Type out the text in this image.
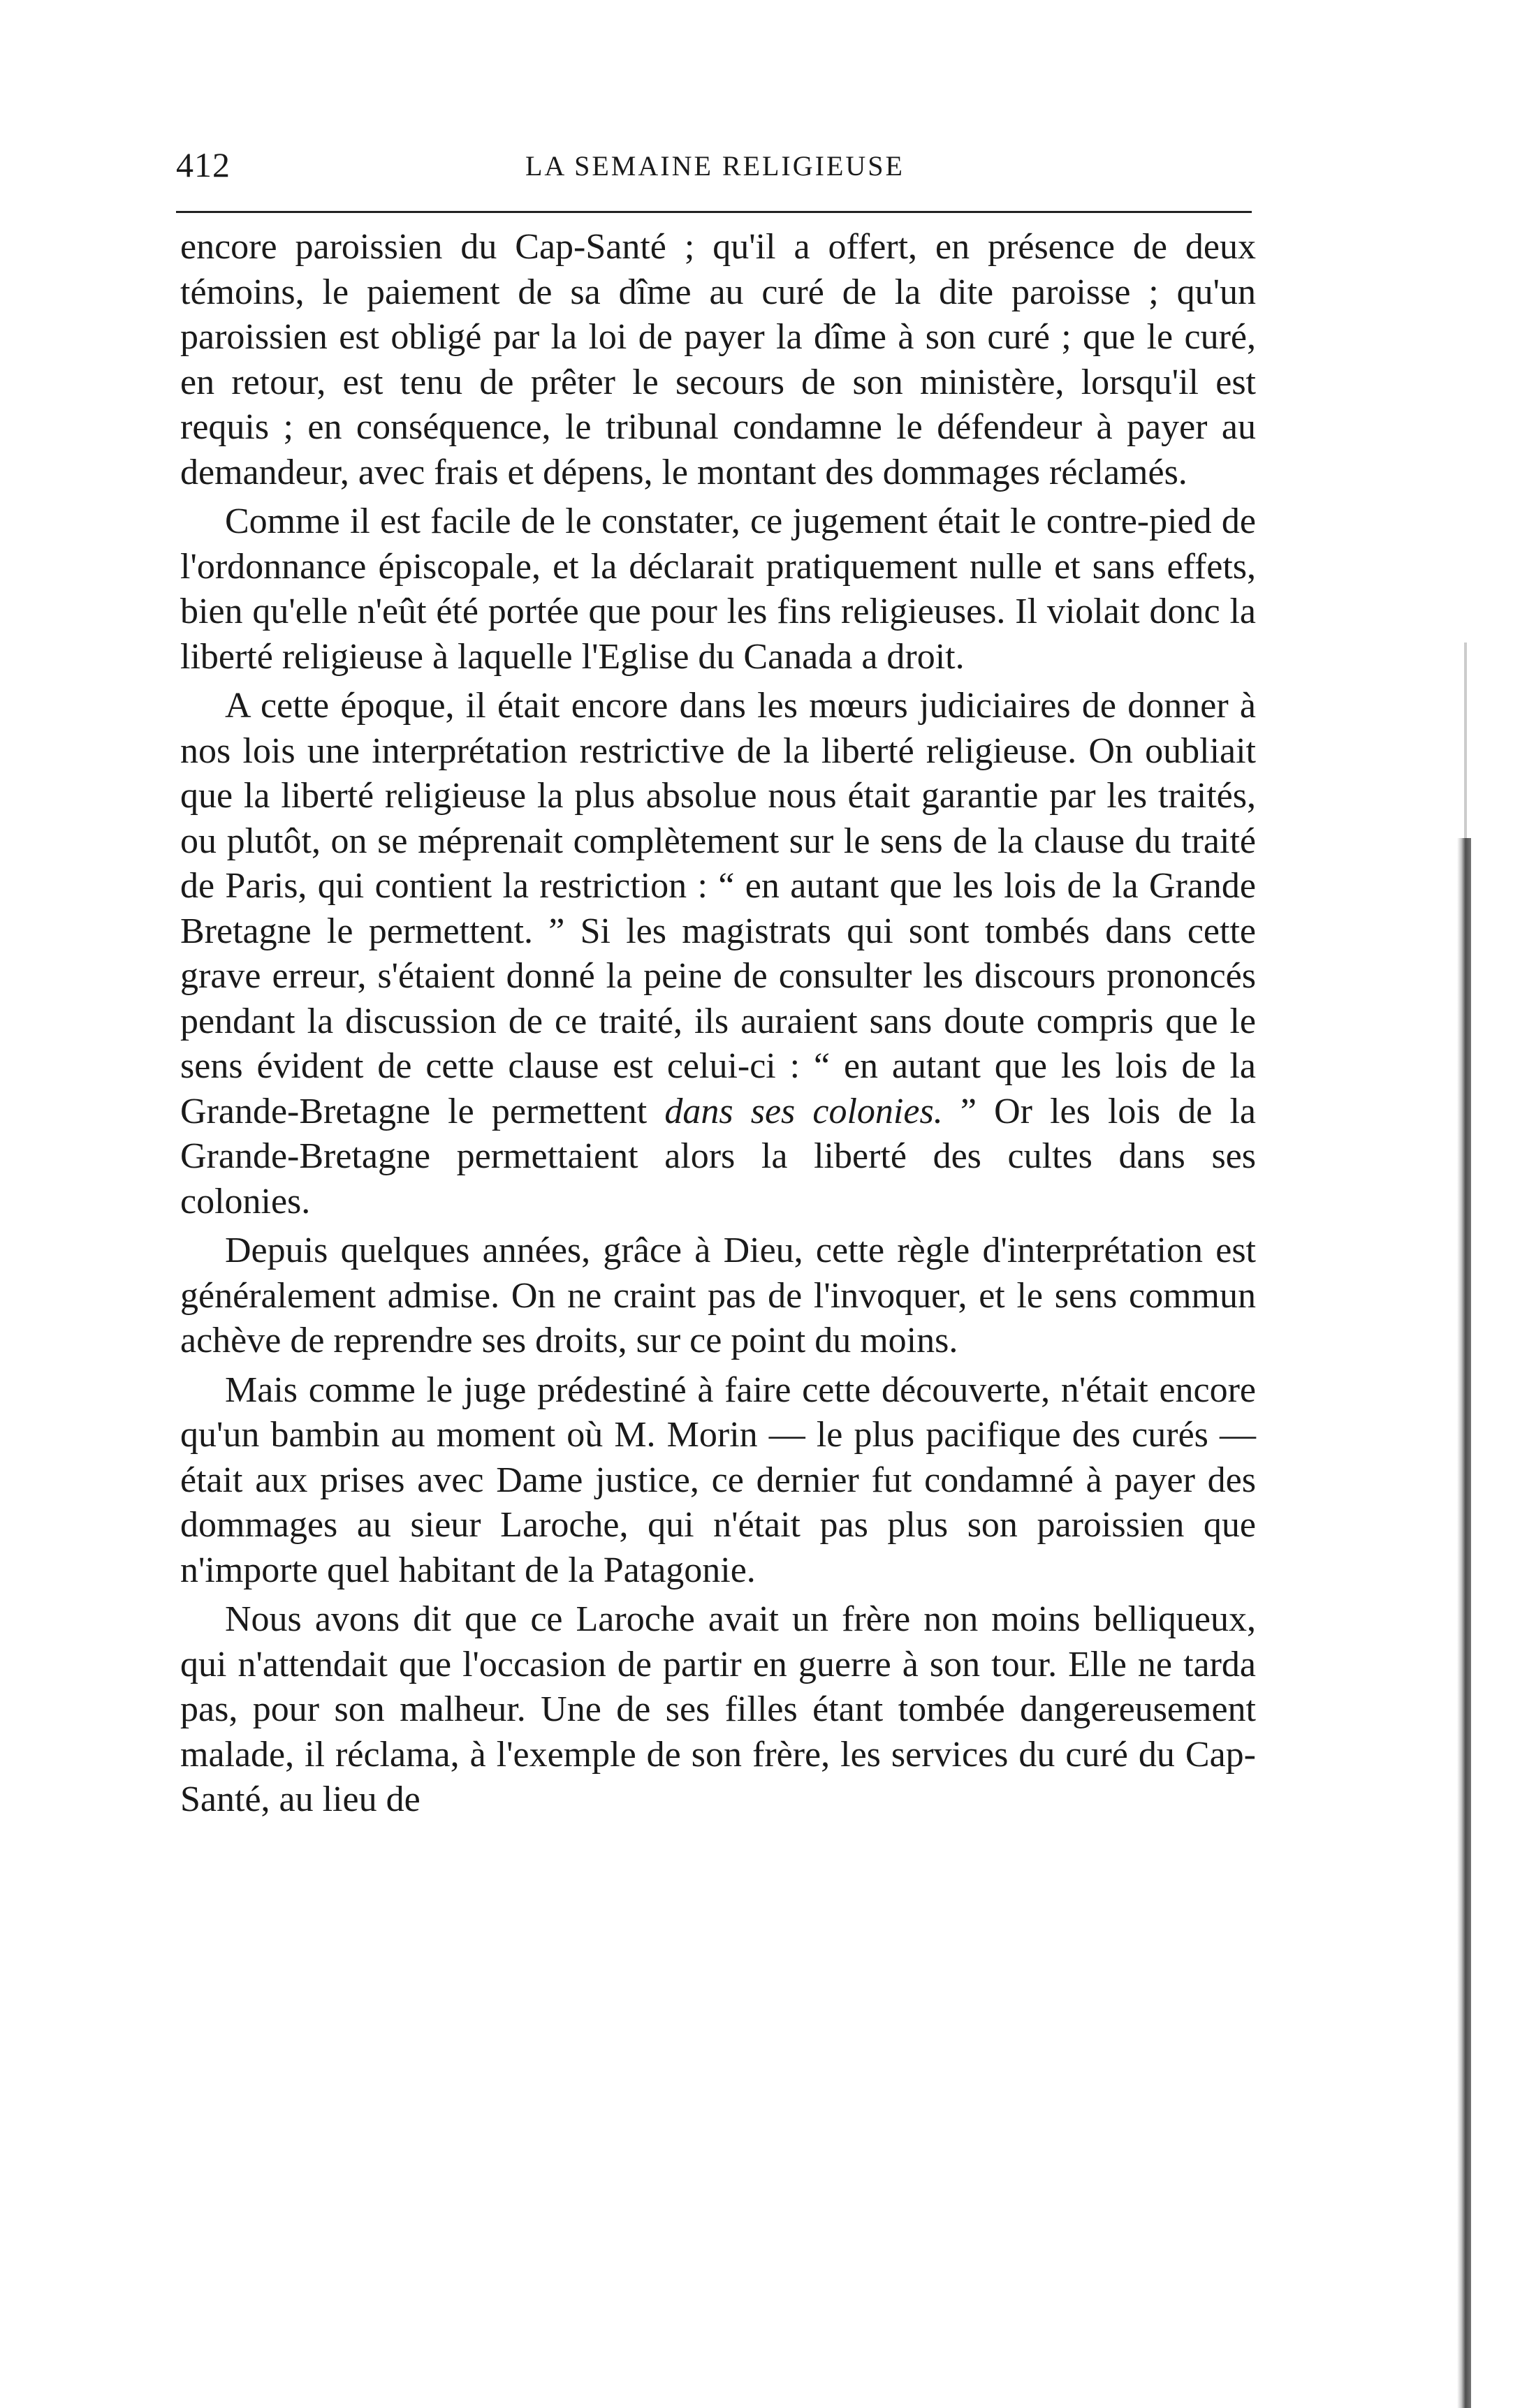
412	LA SEMAINE RELIGIEUSE

encore paroissien du Cap-Santé ; qu'il a offert, en présence de deux témoins, le paiement de sa dîme au curé de la dite paroisse ; qu'un paroissien est obligé par la loi de payer la dîme à son curé ; que le curé, en retour, est tenu de prêter le secours de son ministère, lorsqu'il est requis ; en conséquence, le tribunal condamne le défendeur à payer au demandeur, avec frais et dépens, le montant des dommages réclamés.

Comme il est facile de le constater, ce jugement était le contre-pied de l'ordonnance épiscopale, et la déclarait pratiquement nulle et sans effets, bien qu'elle n'eût été portée que pour les fins religieuses. Il violait donc la liberté religieuse à laquelle l'Eglise du Canada a droit.

A cette époque, il était encore dans les mœurs judiciaires de donner à nos lois une interprétation restrictive de la liberté religieuse. On oubliait que la liberté religieuse la plus absolue nous était garantie par les traités, ou plutôt, on se méprenait complètement sur le sens de la clause du traité de Paris, qui contient la restriction : “ en autant que les lois de la Grande Bretagne le permettent. ” Si les magistrats qui sont tombés dans cette grave erreur, s'étaient donné la peine de consulter les discours prononcés pendant la discussion de ce traité, ils auraient sans doute compris que le sens évident de cette clause est celui-ci : “ en autant que les lois de la Grande-Bretagne le permettent dans ses colonies. ” Or les lois de la Grande-Bretagne permettaient alors la liberté des cultes dans ses colonies.

Depuis quelques années, grâce à Dieu, cette règle d'interprétation est généralement admise. On ne craint pas de l'invoquer, et le sens commun achève de reprendre ses droits, sur ce point du moins.

Mais comme le juge prédestiné à faire cette découverte, n'était encore qu'un bambin au moment où M. Morin — le plus pacifique des curés — était aux prises avec Dame justice, ce dernier fut condamné à payer des dommages au sieur Laroche, qui n'était pas plus son paroissien que n'importe quel habitant de la Patagonie.

Nous avons dit que ce Laroche avait un frère non moins belliqueux, qui n'attendait que l'occasion de partir en guerre à son tour. Elle ne tarda pas, pour son malheur. Une de ses filles étant tombée dangereusement malade, il réclama, à l'exemple de son frère, les services du curé du Cap-Santé, au lieu de
